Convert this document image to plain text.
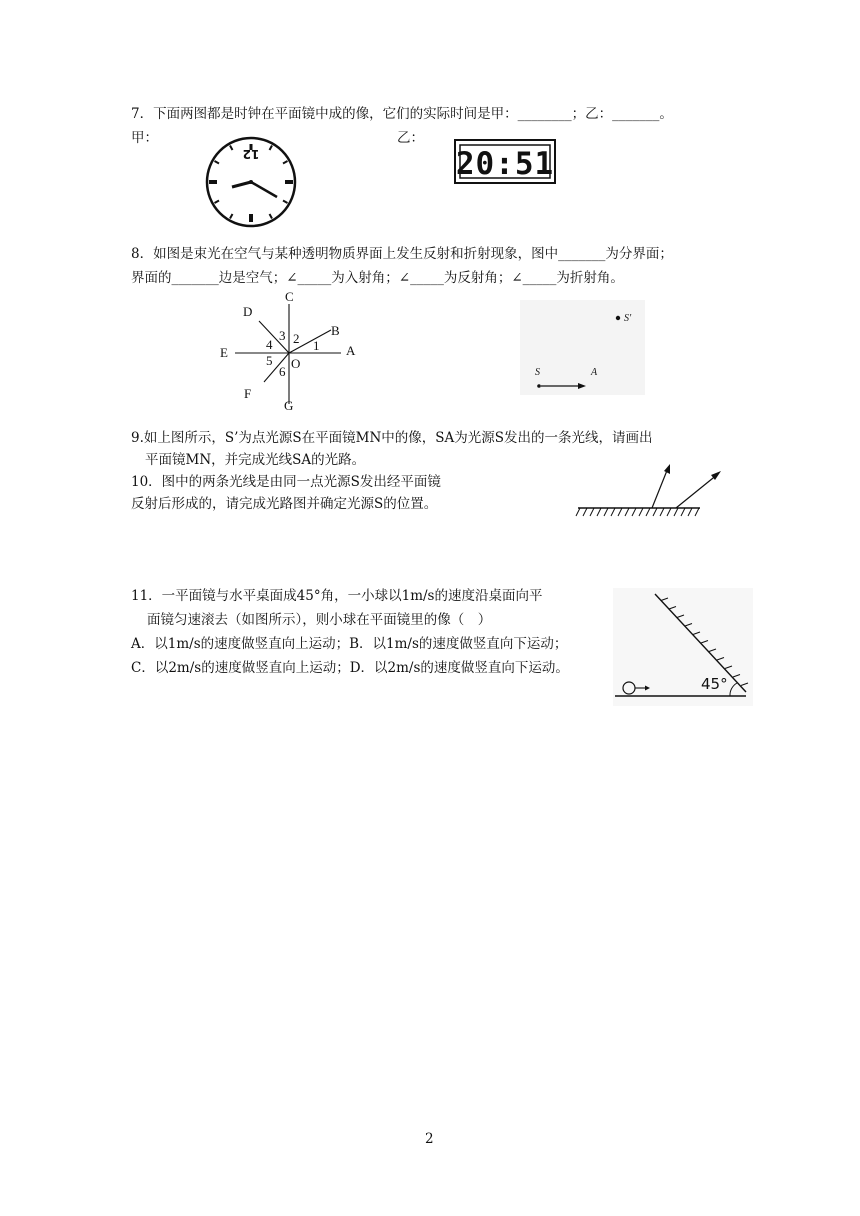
7．下面两图都是时钟在平面镜中成的像，它们的实际时间是甲：________；乙：_______。
甲：	乙：
12	20:51
8．如图是束光在空气与某种透明物质界面上发生反射和折射现象，图中_______为分界面；
界面的_______边是空气；∠_____为入射角；∠_____为反射角；∠_____为折射角。
C
D
B
E	A
O
F
G
1
2
3
4
5
6
S′
S	A
9.如上图所示，S’为点光源S在平面镜MN中的像，SA为光源S发出的一条光线，请画出
平面镜MN，并完成光线SA的光路。
10．图中的两条光线是由同一点光源S发出经平面镜
反射后形成的，请完成光路图并确定光源S的位置。
11．一平面镜与水平桌面成45°角，一小球以1m/s的速度沿桌面向平
面镜匀速滚去（如图所示），则小球在平面镜里的像（　）
A．以1m/s的速度做竖直向上运动；B．以1m/s的速度做竖直向下运动；
C．以2m/s的速度做竖直向上运动；D．以2m/s的速度做竖直向下运动。
45°
2
